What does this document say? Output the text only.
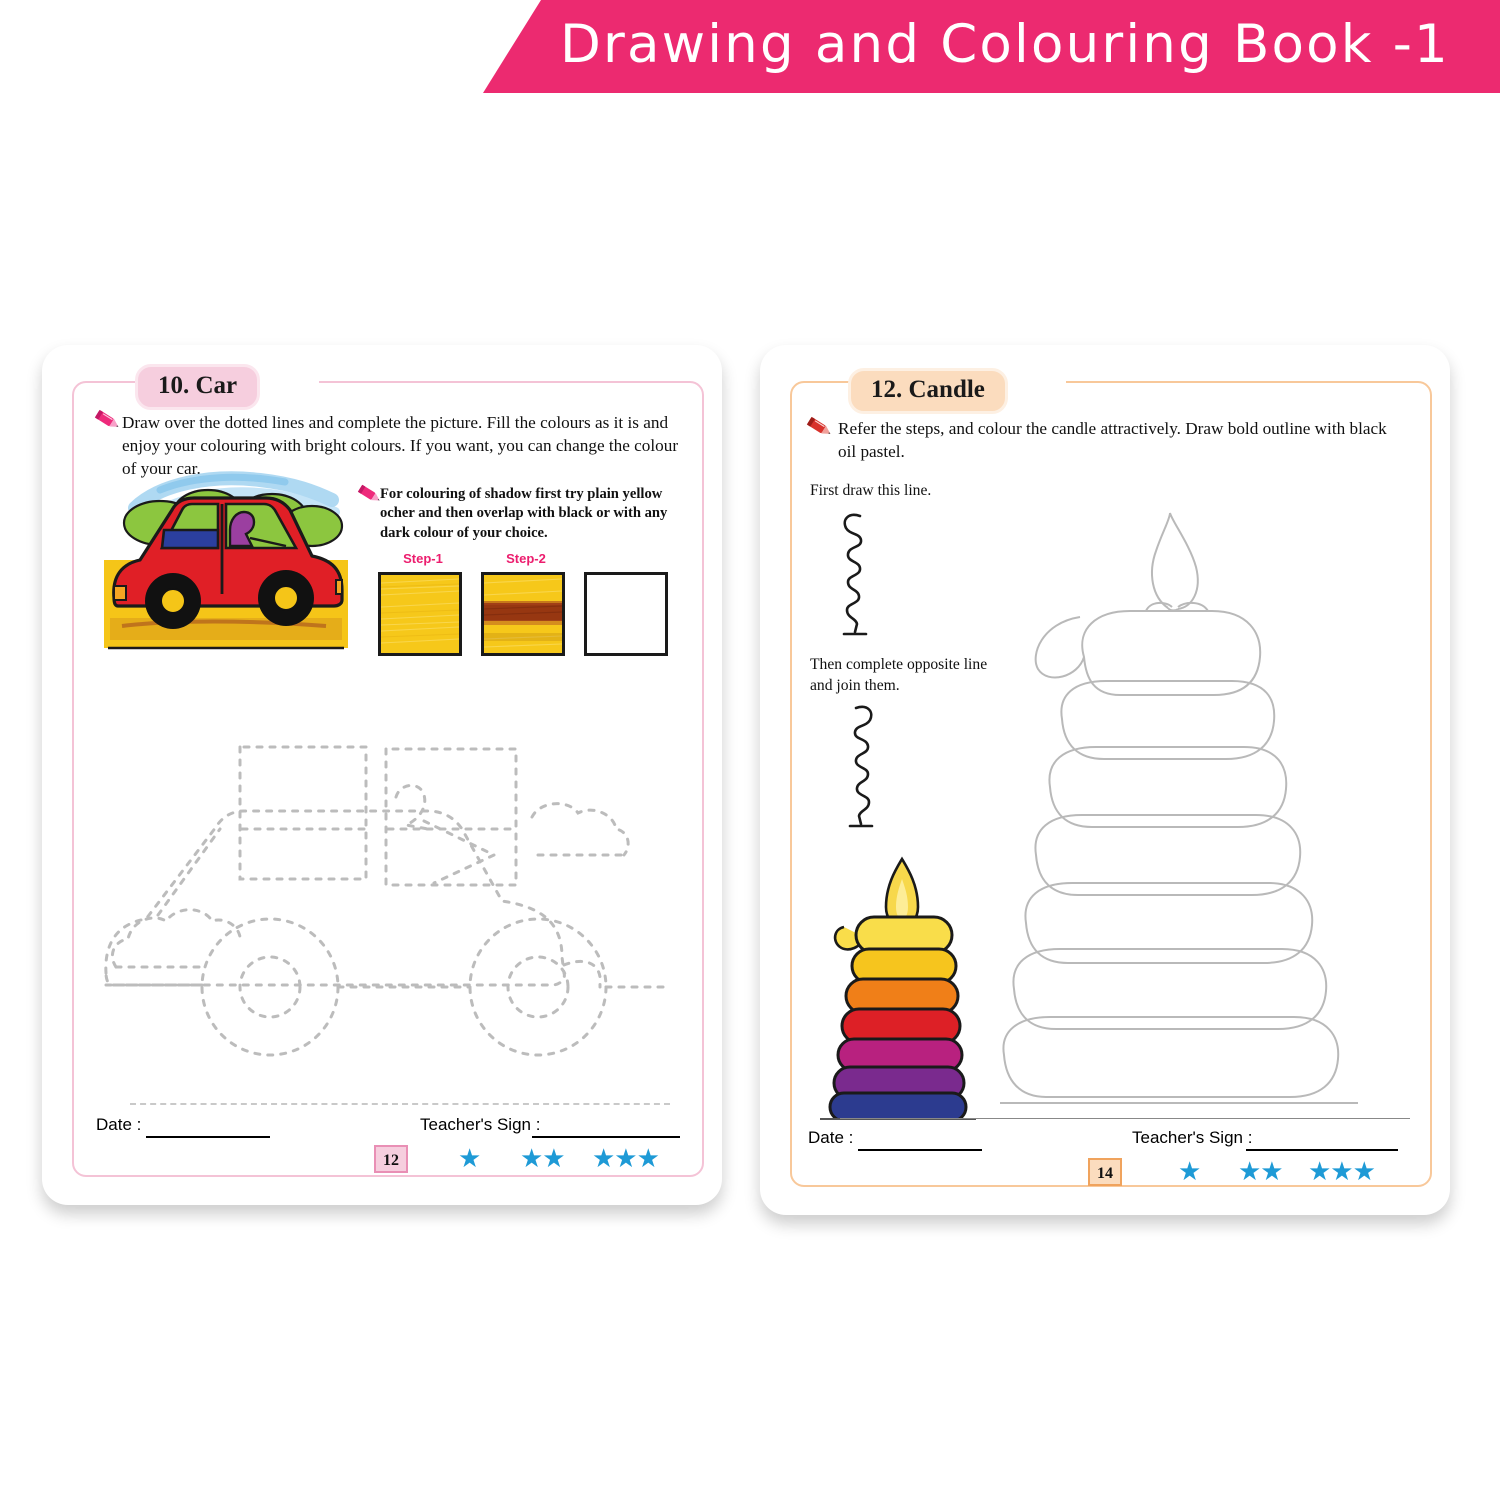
Drawing and Colouring Book -1
10. Car
Draw over the dotted lines and complete the picture. Fill the colours as it is and enjoy your colouring with bright colours. If you want, you can change the colour of your car.
For colouring of shadow first try plain yellow ocher and then overlap with black or with any dark colour of your choice.
Step-1	Step-2
Date :	Teacher's Sign :
12	★ ★★ ★★★
12. Candle
Refer the steps, and colour the candle attractively. Draw bold outline with black oil pastel.
First draw this line.
Then complete opposite line and join them.
Date :	Teacher's Sign :
14	★ ★★ ★★★
